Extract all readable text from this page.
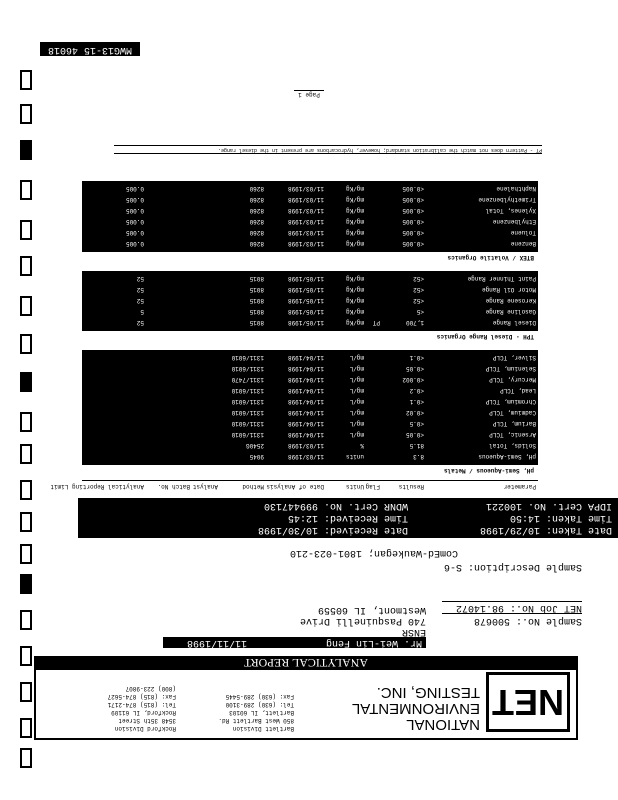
MWG13-15 46018
NET
NATIONAL
ENVIRONMENTAL
TESTING, INC.
Bartlett Division
850 West Bartlett Rd.
Bartlett, IL 60103
Tel: (630) 289-3100
Fax: (630) 289-5445
Rockford Division
3548 35th Street
Rockford, IL 61109
Tel: (815) 874-2171
Fax: (815) 874-5627
(800) 223-9807
ANALYTICAL REPORT
Mr. Wei-Lin Feng
ENSR
740 Pasquinelli Drive
Westmont, IL 60559
11/11/1998
Sample No.: 500678
NET Job No.: 98.14072
Sample Description: S-6
ComEd-Waukegan; 1801-023-210
Date Taken: 10/29/1998
Time Taken: 14:50
IDPA Cert. No. 100221
Date Received: 10/30/1998
Time Received: 12:45
WDNR Cert. No. 999447130
Parameter
Results
Flag
Units
Date of Analysis
Method
Analyst
Batch No.
Analytical Reporting Limit
pH, Semi-Aqueous / Metals
pH, Semi-Aqueous
8.3
units
11/03/1998
9045
Solids, Total
81.5
%
11/03/1998
2540G
Arsenic, TCLP
<0.05
mg/L
11/04/1998
1311/6010
Barium, TCLP
<0.5
mg/L
11/04/1998
1311/6010
Cadmium, TCLP
<0.02
mg/L
11/04/1998
1311/6010
Chromium, TCLP
<0.1
mg/L
11/04/1998
1311/6010
Lead, TCLP
<0.2
mg/L
11/04/1998
1311/6010
Mercury, TCLP
<0.002
mg/L
11/04/1998
1311/7470
Selenium, TCLP
<0.05
mg/L
11/04/1998
1311/6010
Silver, TCLP
<0.1
mg/L
11/04/1998
1311/6010
TPH - Diesel Range Organics
Diesel Range
1,700
PT
mg/Kg
11/05/1998
8015
52
Gasoline Range
<5
mg/Kg
11/05/1998
8015
5
Kerosene Range
<52
mg/Kg
11/05/1998
8015
52
Motor Oil Range
<52
mg/Kg
11/05/1998
8015
52
Paint Thinner Range
<52
mg/Kg
11/05/1998
8015
52
BTEX / Volatile Organics
Benzene
<0.005
mg/Kg
11/03/1998
8260
0.005
Toluene
<0.005
mg/Kg
11/03/1998
8260
0.005
Ethylbenzene
<0.005
mg/Kg
11/03/1998
8260
0.005
Xylenes, Total
<0.005
mg/Kg
11/03/1998
8260
0.005
Trimethylbenzene
<0.005
mg/Kg
11/03/1998
8260
0.005
Naphthalene
<0.005
mg/Kg
11/03/1998
8260
0.005
PT - Pattern does not match the calibration standard; however, hydrocarbons are present in the diesel range.
Page 1
